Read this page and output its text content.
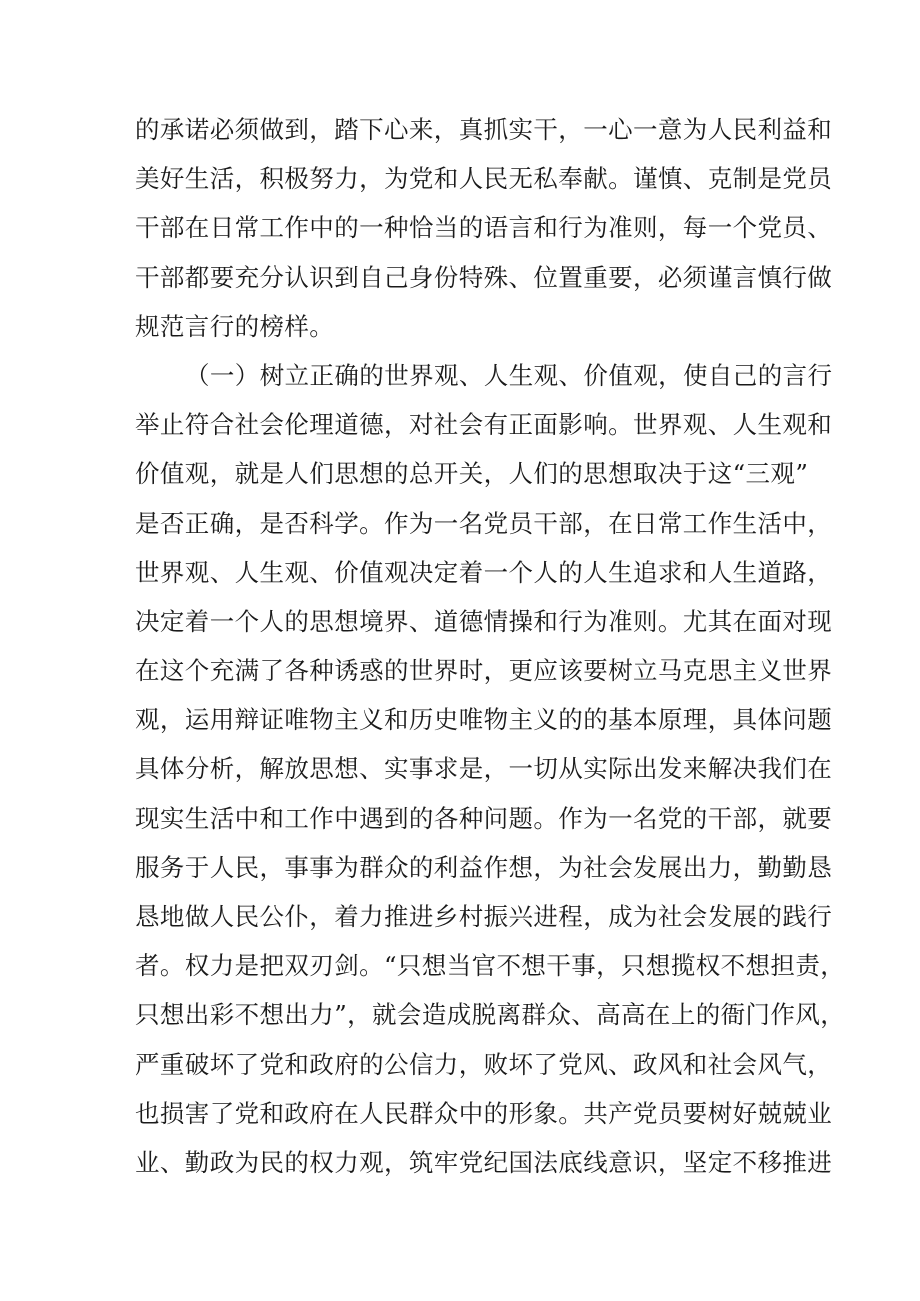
的承诺必须做到，踏下心来，真抓实干，一心一意为人民利益和
美好生活，积极努力，为党和人民无私奉献。谨慎、克制是党员
干部在日常工作中的一种恰当的语言和行为准则，每一个党员、
干部都要充分认识到自己身份特殊、位置重要，必须谨言慎行做
规范言行的榜样。
（一）树立正确的世界观、人生观、价值观，使自己的言行
举止符合社会伦理道德，对社会有正面影响。世界观、人生观和
价值观，就是人们思想的总开关，人们的思想取决于这“三观”
是否正确，是否科学。作为一名党员干部，在日常工作生活中，
世界观、人生观、价值观决定着一个人的人生追求和人生道路，
决定着一个人的思想境界、道德情操和行为准则。尤其在面对现
在这个充满了各种诱惑的世界时，更应该要树立马克思主义世界
观，运用辩证唯物主义和历史唯物主义的的基本原理，具体问题
具体分析，解放思想、实事求是，一切从实际出发来解决我们在
现实生活中和工作中遇到的各种问题。作为一名党的干部，就要
服务于人民，事事为群众的利益作想，为社会发展出力，勤勤恳
恳地做人民公仆，着力推进乡村振兴进程，成为社会发展的践行
者。权力是把双刃剑。“只想当官不想干事，只想揽权不想担责，
只想出彩不想出力”，就会造成脱离群众、高高在上的衙门作风，
严重破坏了党和政府的公信力，败坏了党风、政风和社会风气，
也损害了党和政府在人民群众中的形象。共产党员要树好兢兢业
业、勤政为民的权力观，筑牢党纪国法底线意识，坚定不移推进
